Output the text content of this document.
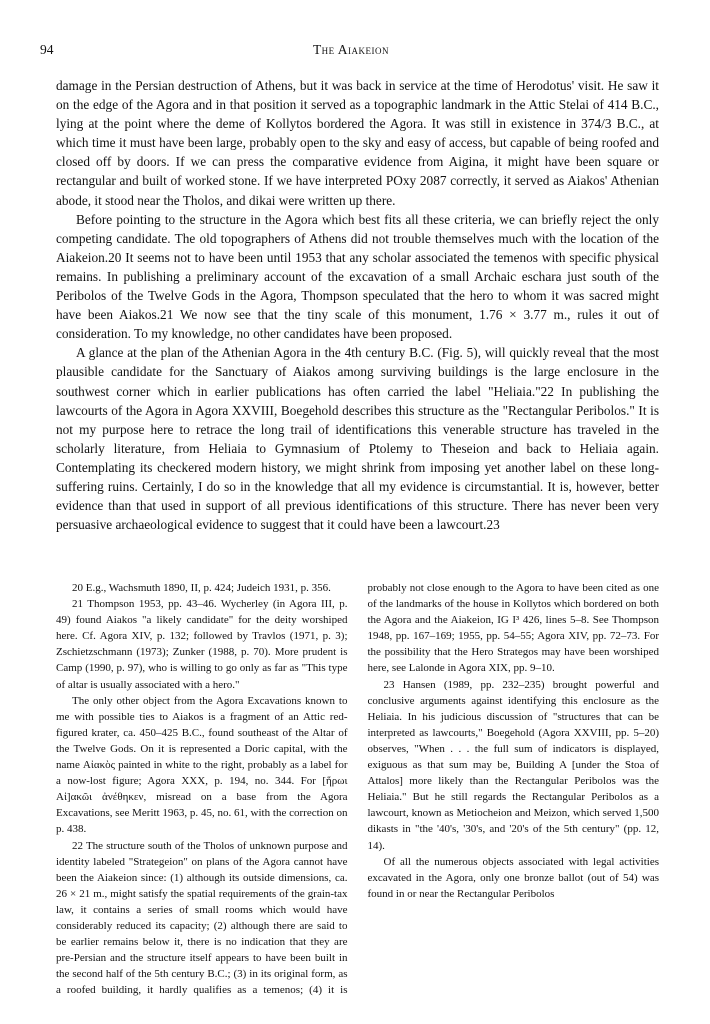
94	The Aiakeion

damage in the Persian destruction of Athens, but it was back in service at the time of Herodotus' visit. He saw it on the edge of the Agora and in that position it served as a topographic landmark in the Attic Stelai of 414 B.C., lying at the point where the deme of Kollytos bordered the Agora. It was still in existence in 374/3 B.C., at which time it must have been large, probably open to the sky and easy of access, but capable of being roofed and closed off by doors. If we can press the comparative evidence from Aigina, it might have been square or rectangular and built of worked stone. If we have interpreted POxy 2087 correctly, it served as Aiakos' Athenian abode, it stood near the Tholos, and dikai were written up there.

Before pointing to the structure in the Agora which best fits all these criteria, we can briefly reject the only competing candidate. The old topographers of Athens did not trouble themselves much with the location of the Aiakeion.20 It seems not to have been until 1953 that any scholar associated the temenos with specific physical remains. In publishing a preliminary account of the excavation of a small Archaic eschara just south of the Peribolos of the Twelve Gods in the Agora, Thompson speculated that the hero to whom it was sacred might have been Aiakos.21 We now see that the tiny scale of this monument, 1.76 × 3.77 m., rules it out of consideration. To my knowledge, no other candidates have been proposed.

A glance at the plan of the Athenian Agora in the 4th century B.C. (Fig. 5), will quickly reveal that the most plausible candidate for the Sanctuary of Aiakos among surviving buildings is the large enclosure in the southwest corner which in earlier publications has often carried the label "Heliaia."22 In publishing the lawcourts of the Agora in Agora XXVIII, Boegehold describes this structure as the "Rectangular Peribolos." It is not my purpose here to retrace the long trail of identifications this venerable structure has traveled in the scholarly literature, from Heliaia to Gymnasium of Ptolemy to Theseion and back to Heliaia again. Contemplating its checkered modern history, we might shrink from imposing yet another label on these long-suffering ruins. Certainly, I do so in the knowledge that all my evidence is circumstantial. It is, however, better evidence than that used in support of all previous identifications of this structure. There has never been very persuasive archaeological evidence to suggest that it could have been a lawcourt.23

20 E.g., Wachsmuth 1890, II, p. 424; Judeich 1931, p. 356.

21 Thompson 1953, pp. 43–46. Wycherley (in Agora III, p. 49) found Aiakos "a likely candidate" for the deity worshiped here. Cf. Agora XIV, p. 132; followed by Travlos (1971, p. 3); Zschietzschmann (1973); Zunker (1988, p. 70). More prudent is Camp (1990, p. 97), who is willing to go only as far as "This type of altar is usually associated with a hero."

The only other object from the Agora Excavations known to me with possible ties to Aiakos is a fragment of an Attic red-figured krater, ca. 450–425 B.C., found southeast of the Altar of the Twelve Gods. On it is represented a Doric capital, with the name Αἰακὸς painted in white to the right, probably as a label for a now-lost figure; Agora XXX, p. 194, no. 344. For [ἥρωι Αἰ]ακῶι ἀνέθηκεν, misread on a base from the Agora Excavations, see Meritt 1963, p. 45, no. 61, with the correction on p. 438.

22 The structure south of the Tholos of unknown purpose and identity labeled "Strategeion" on plans of the Agora cannot have been the Aiakeion since: (1) although its outside dimensions, ca. 26 × 21 m., might satisfy the spatial requirements of the grain-tax law, it contains a series of small rooms which would have considerably reduced its capacity; (2) although there are said to be earlier remains below it, there is no indication that they are pre-Persian and the structure itself appears to have been built in the second half of the 5th century B.C.; (3) in its original form, as a roofed building, it hardly qualifies as a temenos; (4) it is probably not close enough to the Agora to have been cited as one of the landmarks of the house in Kollytos which bordered on both the Agora and the Aiakeion, IG I³ 426, lines 5–8. See Thompson 1948, pp. 167–169; 1955, pp. 54–55; Agora XIV, pp. 72–73. For the possibility that the Hero Strategos may have been worshiped here, see Lalonde in Agora XIX, pp. 9–10.

23 Hansen (1989, pp. 232–235) brought powerful and conclusive arguments against identifying this enclosure as the Heliaia. In his judicious discussion of "structures that can be interpreted as lawcourts," Boegehold (Agora XXVIII, pp. 5–20) observes, "When . . . the full sum of indicators is displayed, exiguous as that sum may be, Building A [under the Stoa of Attalos] more likely than the Rectangular Peribolos was the Heliaia." But he still regards the Rectangular Peribolos as a lawcourt, known as Metiocheion and Meizon, which served 1,500 dikasts in "the '40's, '30's, and '20's of the 5th century" (pp. 12, 14).

Of all the numerous objects associated with legal activities excavated in the Agora, only one bronze ballot (out of 54) was found in or near the Rectangular Peribolos
